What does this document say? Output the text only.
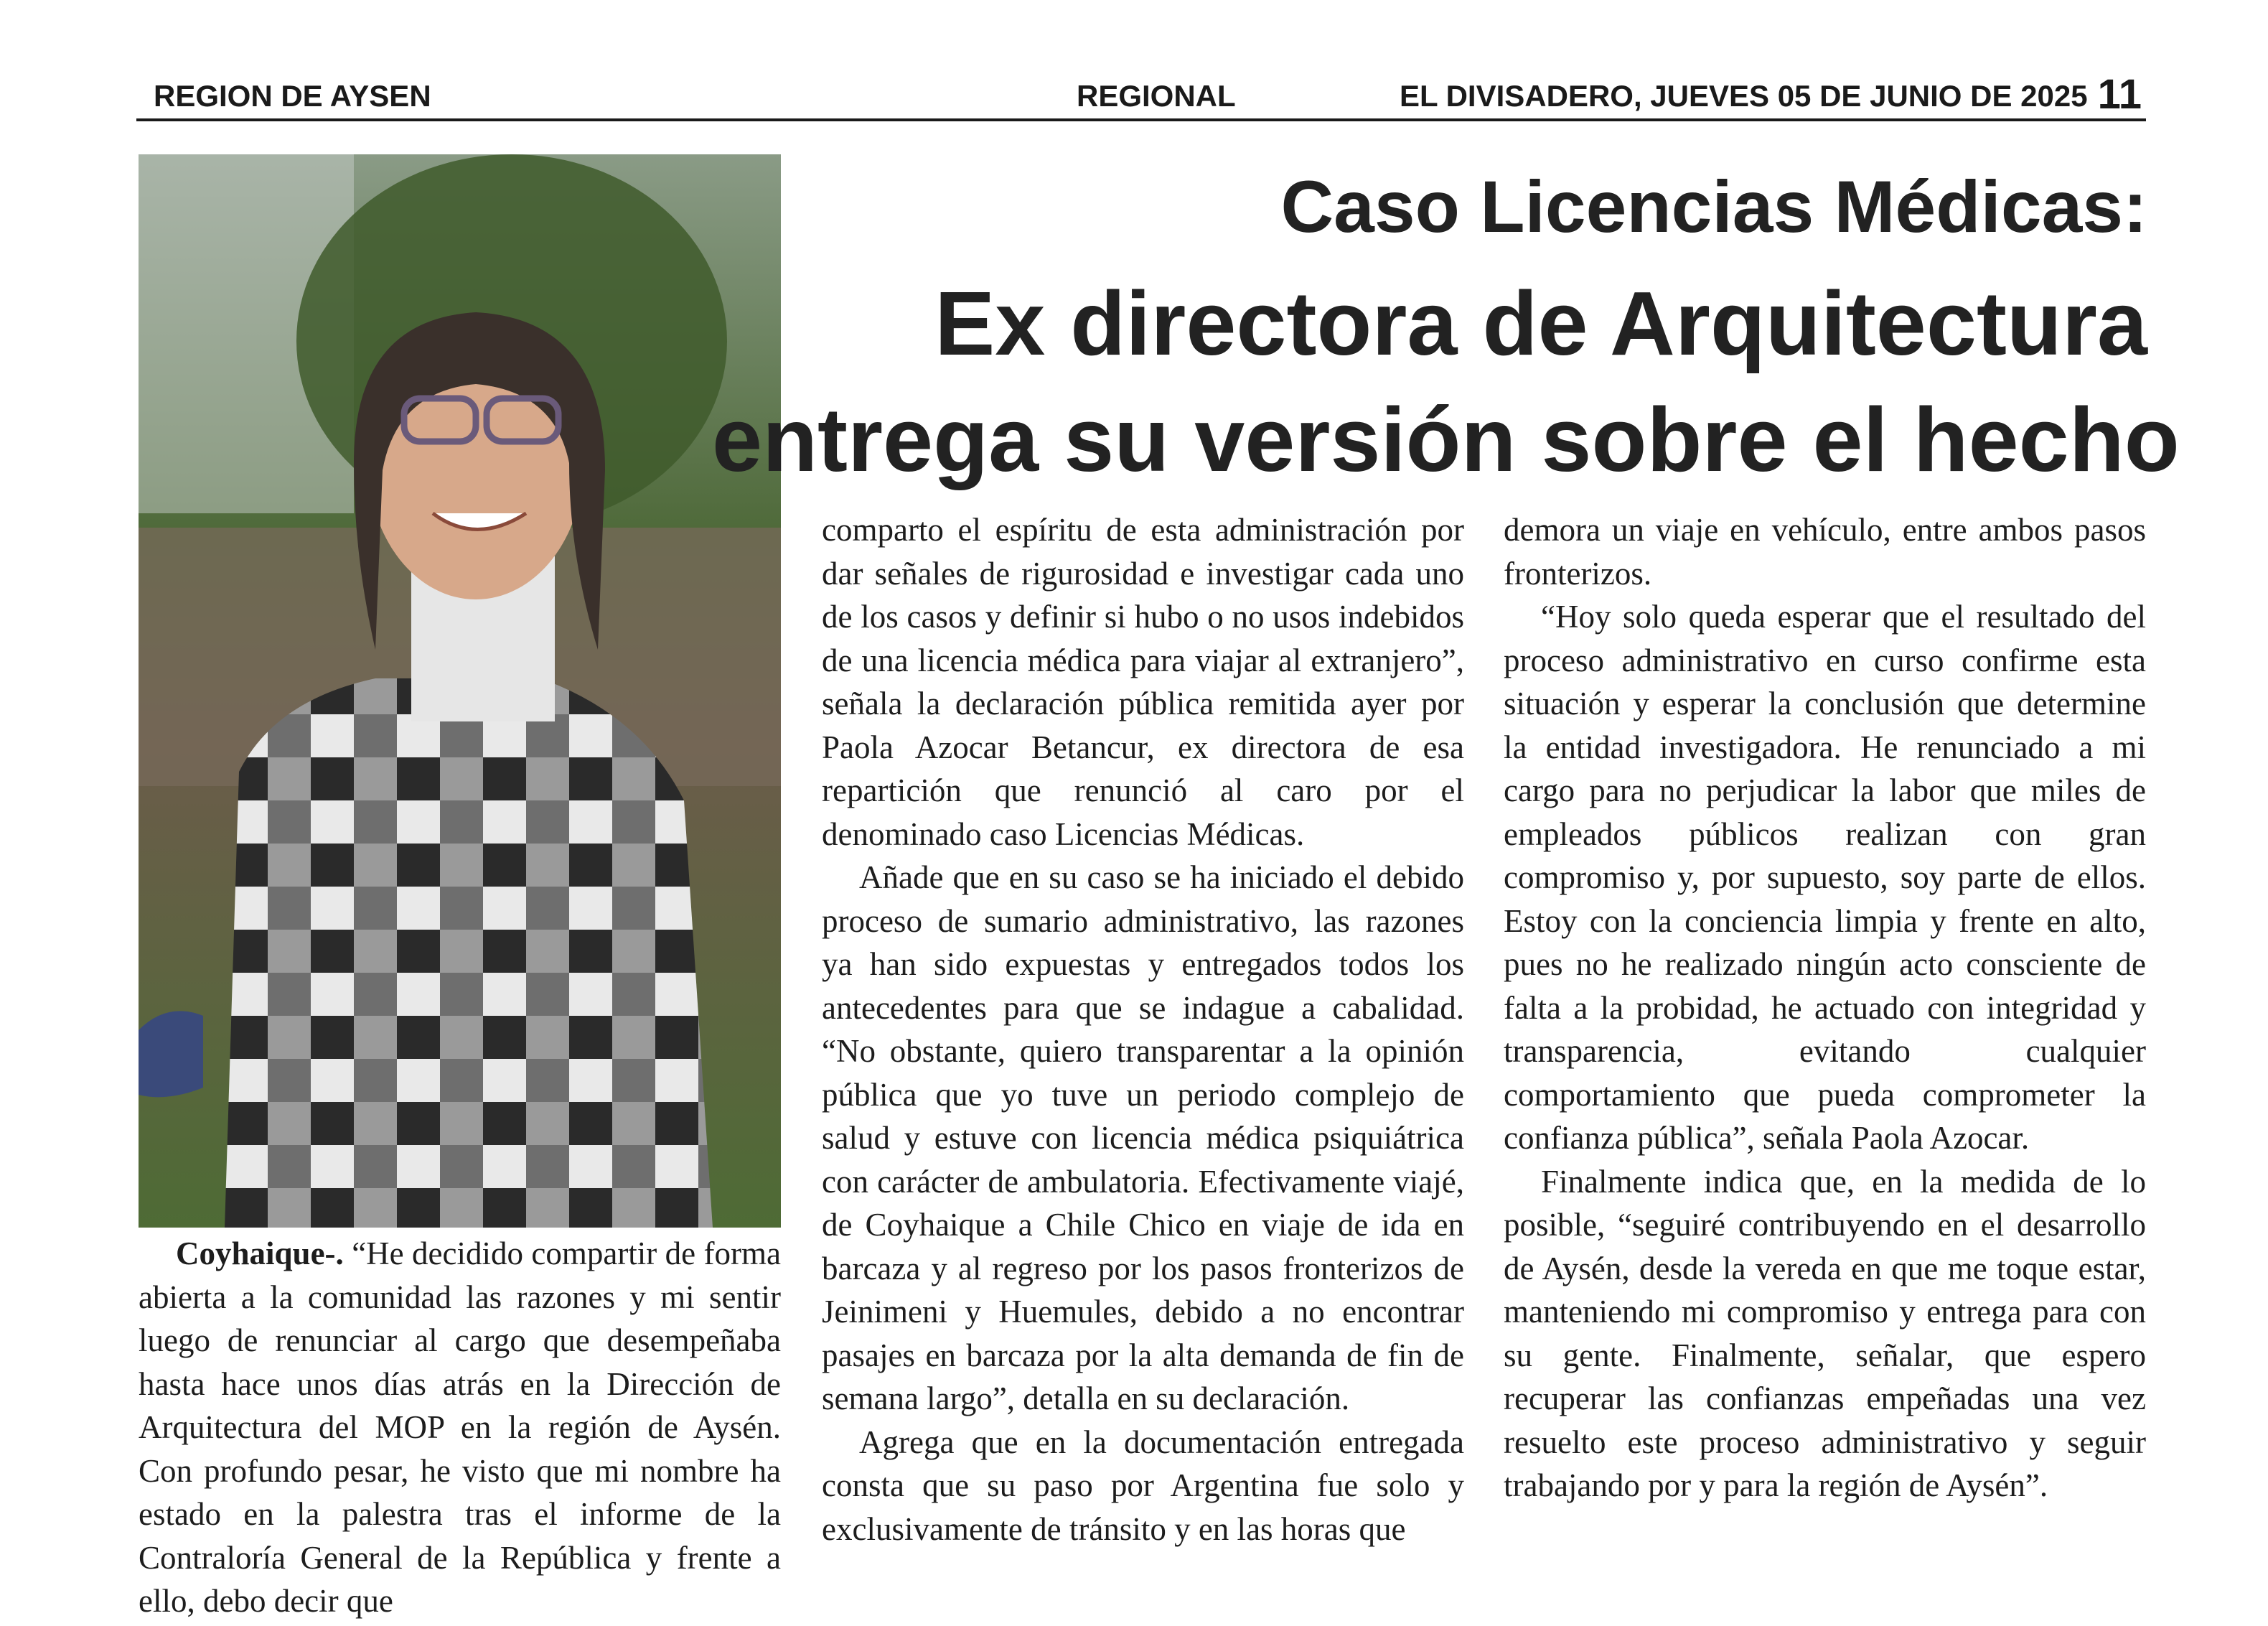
REGION DE AYSEN	REGIONAL	EL DIVISADERO, JUEVES 05 DE JUNIO DE 2025 11
Caso Licencias Médicas:
Ex directora de Arquitectura
entrega su versión sobre el hecho

Coyhaique-. “He decidido compartir de forma abierta a la comunidad las razones y mi sentir luego de renunciar al cargo que desempeñaba hasta hace unos días atrás en la Dirección de Arquitectura del MOP en la región de Aysén. Con profundo pesar, he visto que mi nombre ha estado en la palestra tras el informe de la Contraloría General de la República y frente a ello, debo decir que

comparto el espíritu de esta administración por dar señales de rigurosidad e investigar cada uno de los casos y definir si hubo o no usos indebidos de una licencia médica para viajar al extranjero”, señala la declaración pública remitida ayer por Paola Azocar Betancur, ex directora de esa repartición que renunció al caro por el denominado caso Licencias Médicas.

Añade que en su caso se ha iniciado el debido proceso de sumario administrativo, las razones ya han sido expuestas y entregados todos los antecedentes para que se indague a cabalidad. “No obstante, quiero transparentar a la opinión pública que yo tuve un periodo complejo de salud y estuve con licencia médica psiquiátrica con carácter de ambulatoria. Efectivamente viajé, de Coyhaique a Chile Chico en viaje de ida en barcaza y al regreso por los pasos fronterizos de Jeinimeni y Huemules, debido a no encontrar pasajes en barcaza por la alta demanda de fin de semana largo”, detalla en su declaración.

Agrega que en la documentación entregada consta que su paso por Argentina fue solo y exclusivamente de tránsito y en las horas que

demora un viaje en vehículo, entre ambos pasos fronterizos.

“Hoy solo queda esperar que el resultado del proceso administrativo en curso confirme esta situación y esperar la conclusión que determine la entidad investigadora. He renunciado a mi cargo para no perjudicar la labor que miles de empleados públicos realizan con gran compromiso y, por supuesto, soy parte de ellos. Estoy con la conciencia limpia y frente en alto, pues no he realizado ningún acto consciente de falta a la probidad, he actuado con integridad y transparencia, evitando cualquier comportamiento que pueda comprometer la confianza pública”, señala Paola Azocar.

Finalmente indica que, en la medida de lo posible, “seguiré contribuyendo en el desarrollo de Aysén, desde la vereda en que me toque estar, manteniendo mi compromiso y entrega para con su gente. Finalmente, señalar, que espero recuperar las confianzas empeñadas una vez resuelto este proceso administrativo y seguir trabajando por y para la región de Aysén”.
